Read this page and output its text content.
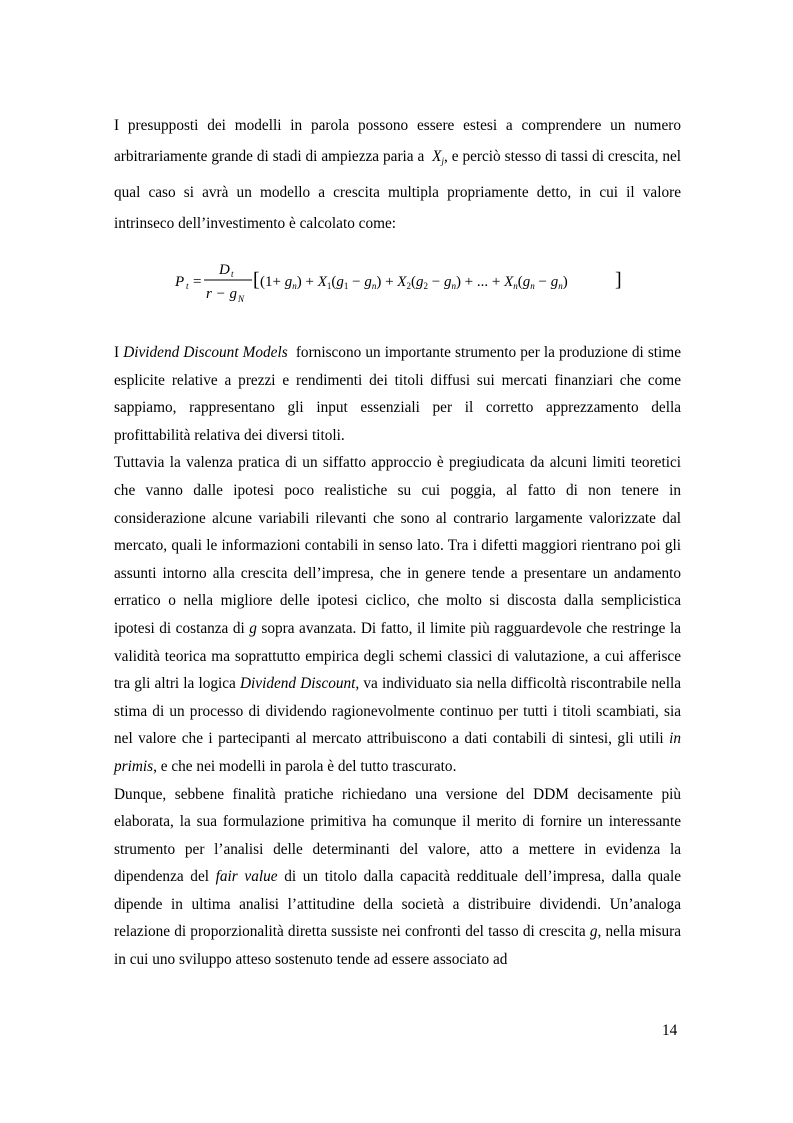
I presupposti dei modelli in parola possono essere estesi a comprendere un numero arbitrariamente grande di stadi di ampiezza paria a $X_j$, e perciò stesso di tassi di crescita, nel qual caso si avrà un modello a crescita multipla propriamente detto, in cui il valore intrinseco dell’investimento è calcolato come:

P t =
D t
r − g N
[ $(1+ g_n) + X_1(g_1 - g_n) + X_2(g_2 - g_n)$ + ... + $X_n(g_n - g_n)$ ]

I Dividend Discount Models forniscono un importante strumento per la produzione di stime esplicite relative a prezzi e rendimenti dei titoli diffusi sui mercati finanziari che come sappiamo, rappresentano gli input essenziali per il corretto apprezzamento della profittabilità relativa dei diversi titoli.

Tuttavia la valenza pratica di un siffatto approccio è pregiudicata da alcuni limiti teoretici che vanno dalle ipotesi poco realistiche su cui poggia, al fatto di non tenere in considerazione alcune variabili rilevanti che sono al contrario largamente valorizzate dal mercato, quali le informazioni contabili in senso lato. Tra i difetti maggiori rientrano poi gli assunti intorno alla crescita dell’impresa, che in genere tende a presentare un andamento erratico o nella migliore delle ipotesi ciclico, che molto si discosta dalla semplicistica ipotesi di costanza di g sopra avanzata. Di fatto, il limite più ragguardevole che restringe la validità teorica ma soprattutto empirica degli schemi classici di valutazione, a cui afferisce tra gli altri la logica Dividend Discount, va individuato sia nella difficoltà riscontrabile nella stima di un processo di dividendo ragionevolmente continuo per tutti i titoli scambiati, sia nel valore che i partecipanti al mercato attribuiscono a dati contabili di sintesi, gli utili in primis, e che nei modelli in parola è del tutto trascurato.

Dunque, sebbene finalità pratiche richiedano una versione del DDM decisamente più elaborata, la sua formulazione primitiva ha comunque il merito di fornire un interessante strumento per l’analisi delle determinanti del valore, atto a mettere in evidenza la dipendenza del fair value di un titolo dalla capacità reddituale dell’impresa, dalla quale dipende in ultima analisi l’attitudine della società a distribuire dividendi. Un’analoga relazione di proporzionalità diretta sussiste nei confronti del tasso di crescita g, nella misura in cui uno sviluppo atteso sostenuto tende ad essere associato ad

14
